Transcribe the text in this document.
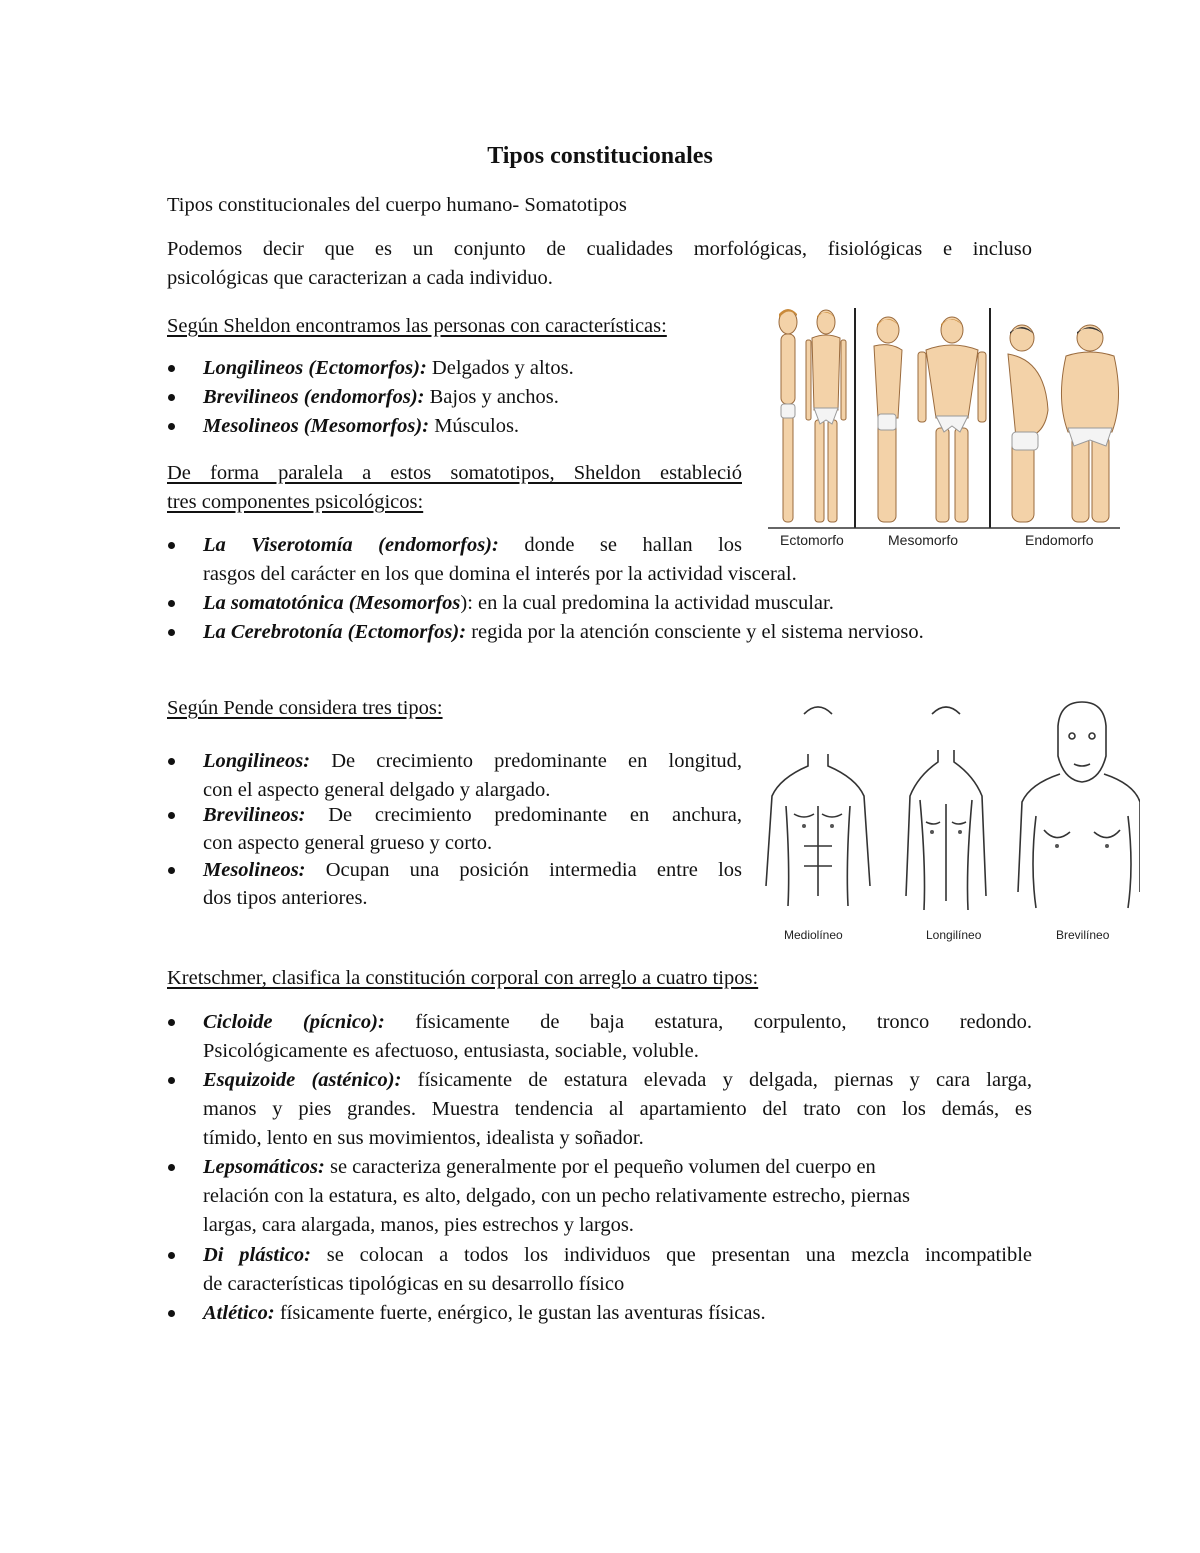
Tipos constitucionales
Tipos constitucionales del cuerpo humano- Somatotipos
Podemos decir que es un conjunto de cualidades morfológicas, fisiológicas e incluso
psicológicas que caracterizan a cada individuo.
Según Sheldon encontramos las personas con características:
Longilineos (Ectomorfos): Delgados y altos.
Brevilineos (endomorfos): Bajos y anchos.
Mesolineos (Mesomorfos): Músculos.
De forma paralela a estos somatotipos, Sheldon estableció
tres componentes psicológicos:
La Viserotomía (endomorfos): donde se hallan los
rasgos del carácter en los que domina el interés por la actividad visceral.
La somatotónica (Mesomorfos): en la cual predomina la actividad muscular.
La Cerebrotonía (Ectomorfos): regida por la atención consciente y el sistema nervioso.
Ectomorfo	Mesomorfo	Endomorfo
Según Pende considera tres tipos:
Longilineos: De crecimiento predominante en longitud,
con el aspecto general delgado y alargado.
Brevilineos: De crecimiento predominante en anchura,
con aspecto general grueso y corto.
Mesolineos: Ocupan una posición intermedia entre los
dos tipos anteriores.
Mediolíneo	Longilíneo	Brevilíneo
Kretschmer, clasifica la constitución corporal con arreglo a cuatro tipos:
Cicloide (pícnico): físicamente de baja estatura, corpulento, tronco redondo.
Psicológicamente es afectuoso, entusiasta, sociable, voluble.
Esquizoide (asténico): físicamente de estatura elevada y delgada, piernas y cara larga,
manos y pies grandes. Muestra tendencia al apartamiento del trato con los demás, es
tímido, lento en sus movimientos, idealista y soñador.
Lepsomáticos: se caracteriza generalmente por el pequeño volumen del cuerpo en
relación con la estatura, es alto, delgado, con un pecho relativamente estrecho, piernas
largas, cara alargada, manos, pies estrechos y largos.
Di plástico: se colocan a todos los individuos que presentan una mezcla incompatible
de características tipológicas en su desarrollo físico
Atlético: físicamente fuerte, enérgico, le gustan las aventuras físicas.
